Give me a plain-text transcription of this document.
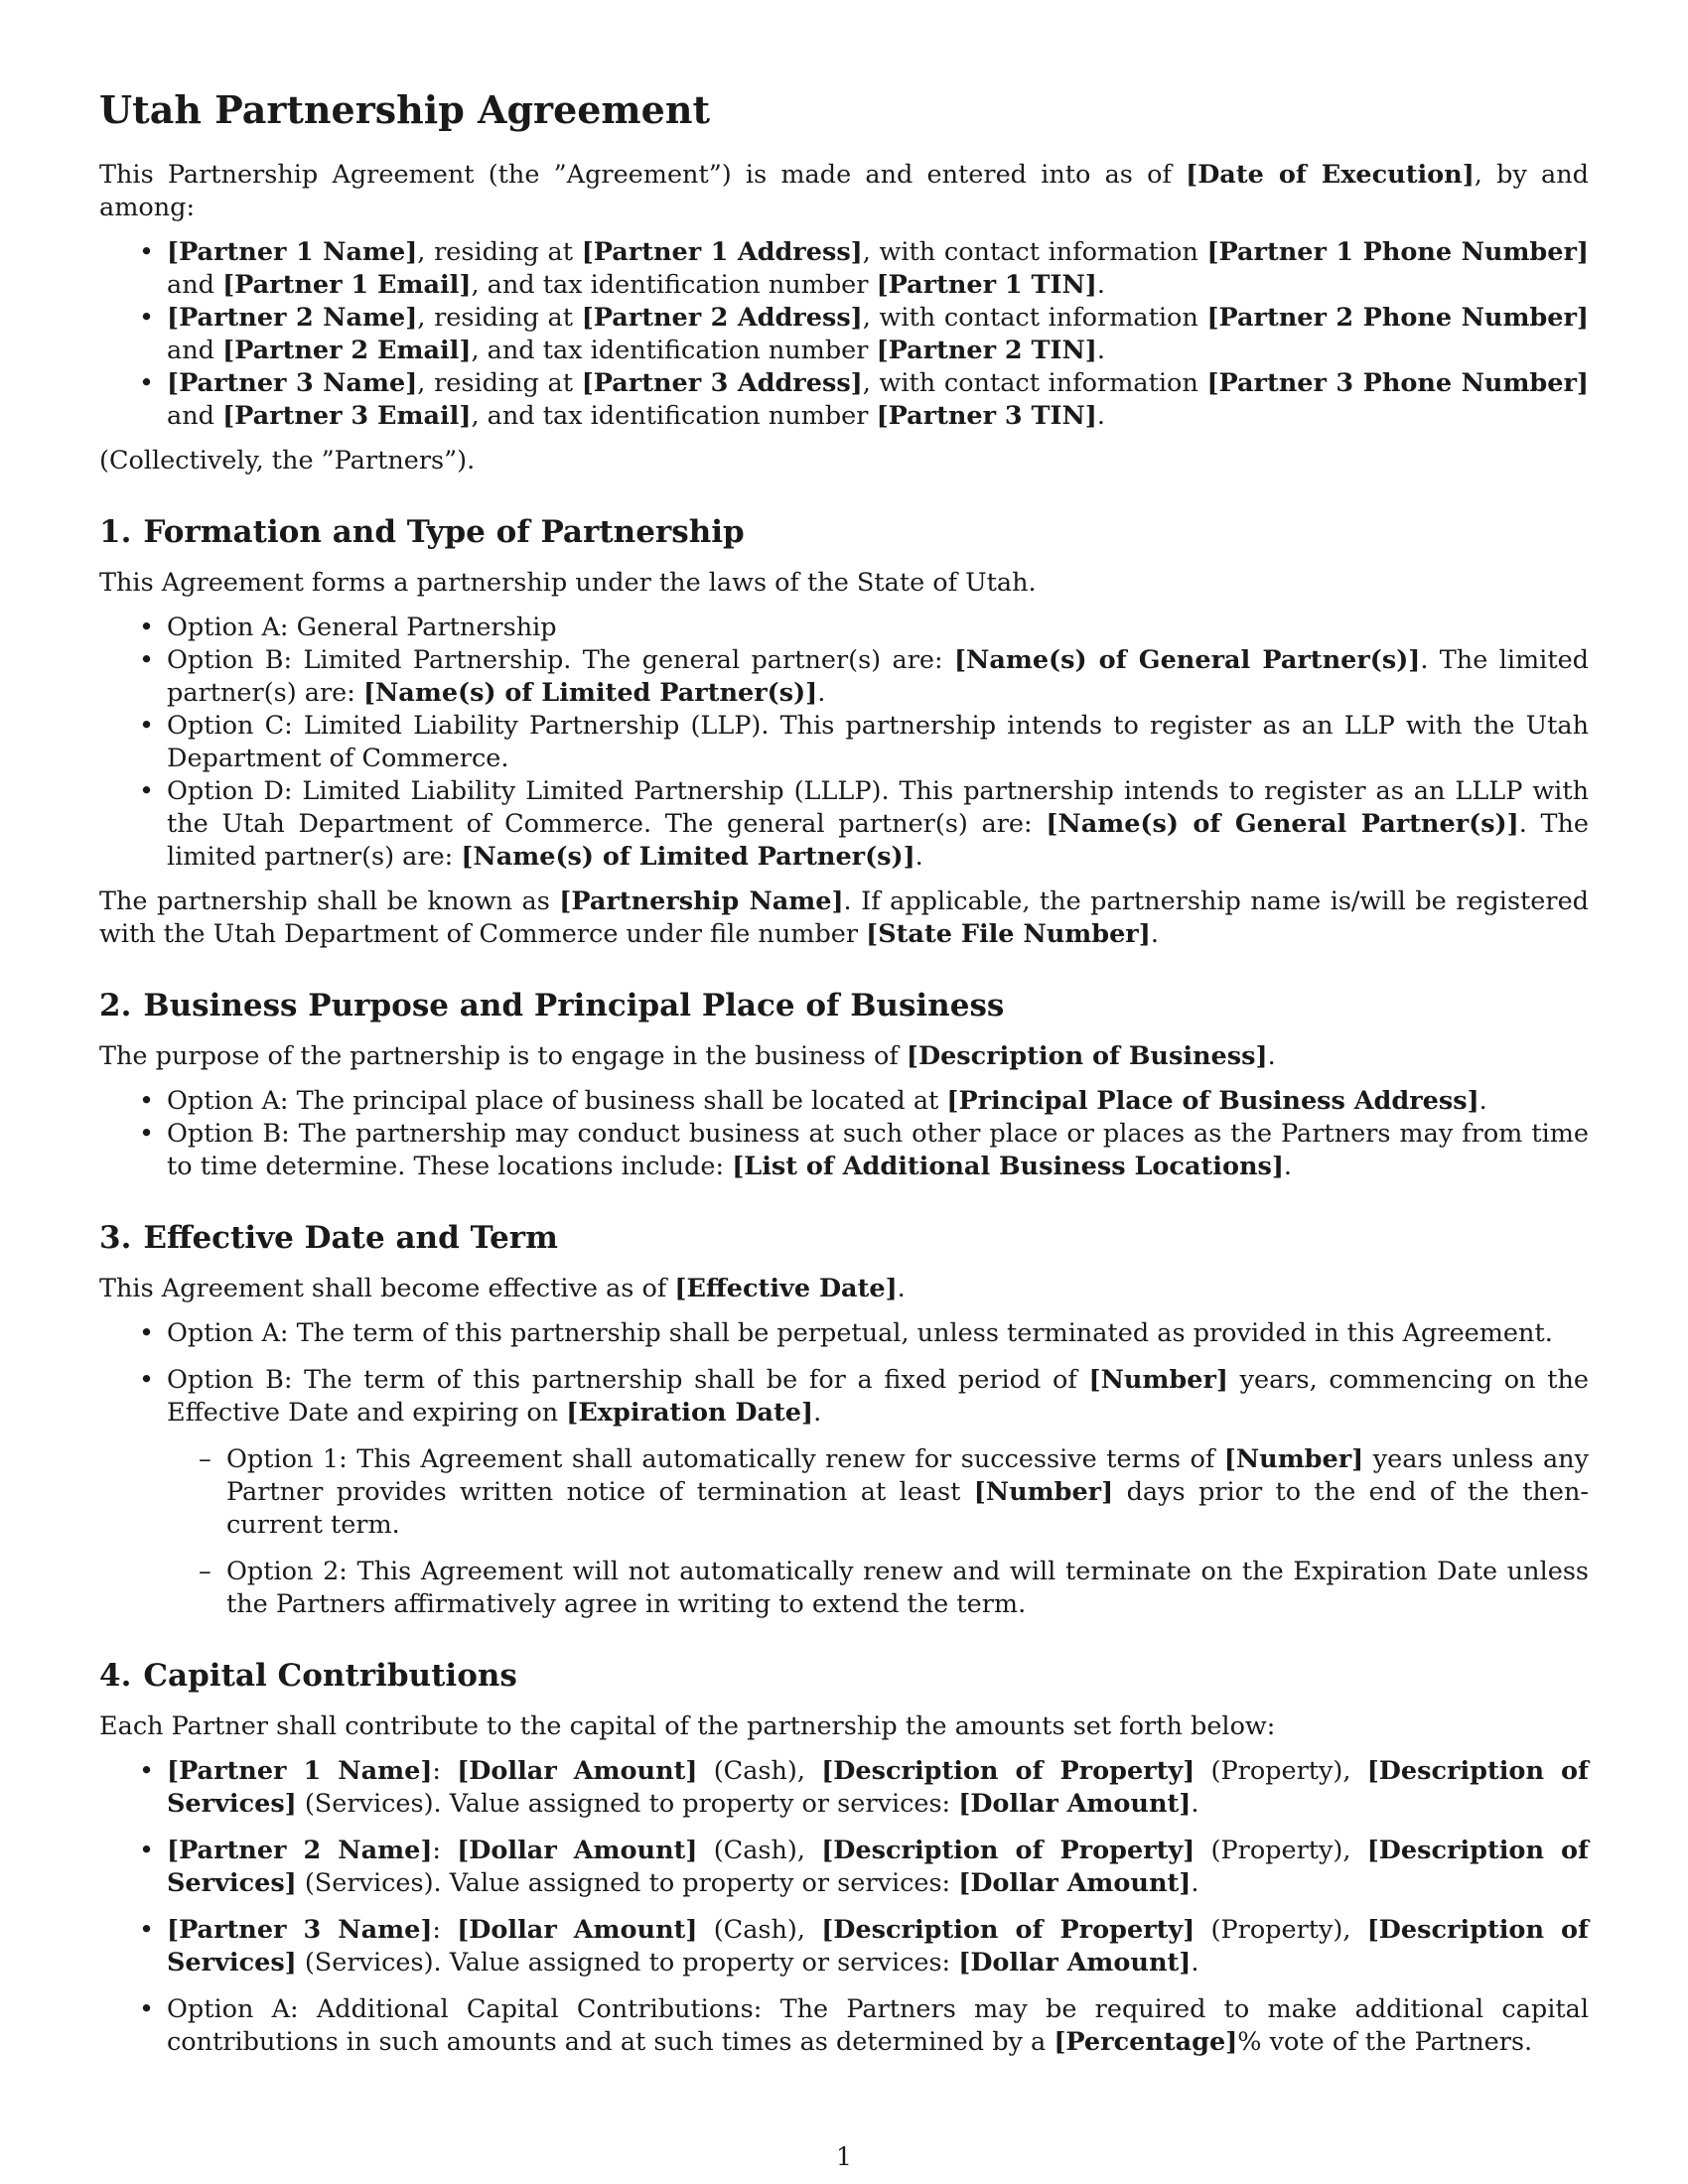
Utah Partnership Agreement

This Partnership Agreement (the ”Agreement”) is made and entered into as of [Date of Execution], by and among:

• [Partner 1 Name], residing at [Partner 1 Address], with contact information [Partner 1 Phone Number] and [Partner 1 Email], and tax identification number [Partner 1 TIN].
• [Partner 2 Name], residing at [Partner 2 Address], with contact information [Partner 2 Phone Number] and [Partner 2 Email], and tax identification number [Partner 2 TIN].
• [Partner 3 Name], residing at [Partner 3 Address], with contact information [Partner 3 Phone Number] and [Partner 3 Email], and tax identification number [Partner 3 TIN].

(Collectively, the ”Partners”).

1. Formation and Type of Partnership

This Agreement forms a partnership under the laws of the State of Utah.

• Option A: General Partnership
• Option B: Limited Partnership. The general partner(s) are: [Name(s) of General Partner(s)]. The limited partner(s) are: [Name(s) of Limited Partner(s)].
• Option C: Limited Liability Partnership (LLP). This partnership intends to register as an LLP with the Utah Department of Commerce.
• Option D: Limited Liability Limited Partnership (LLLP). This partnership intends to register as an LLLP with the Utah Department of Commerce. The general partner(s) are: [Name(s) of General Partner(s)]. The limited partner(s) are: [Name(s) of Limited Partner(s)].

The partnership shall be known as [Partnership Name]. If applicable, the partnership name is/will be registered with the Utah Department of Commerce under file number [State File Number].

2. Business Purpose and Principal Place of Business

The purpose of the partnership is to engage in the business of [Description of Business].

• Option A: The principal place of business shall be located at [Principal Place of Business Address].
• Option B: The partnership may conduct business at such other place or places as the Partners may from time to time determine. These locations include: [List of Additional Business Locations].
3. Effective Date and Term

This Agreement shall become effective as of [Effective Date].

• Option A: The term of this partnership shall be perpetual, unless terminated as provided in this Agreement.
• Option B: The term of this partnership shall be for a fixed period of [Number] years, commencing on the Effective Date and expiring on [Expiration Date].
– Option 1: This Agreement shall automatically renew for successive terms of [Number] years unless any Partner provides written notice of termination at least [Number] days prior to the end of the then-current term.
– Option 2: This Agreement will not automatically renew and will terminate on the Expiration Date unless the Partners affirmatively agree in writing to extend the term.
4. Capital Contributions

Each Partner shall contribute to the capital of the partnership the amounts set forth below:

• [Partner 1 Name]: [Dollar Amount] (Cash), [Description of Property] (Property), [Description of Services] (Services). Value assigned to property or services: [Dollar Amount].
• [Partner 2 Name]: [Dollar Amount] (Cash), [Description of Property] (Property), [Description of Services] (Services). Value assigned to property or services: [Dollar Amount].
• [Partner 3 Name]: [Dollar Amount] (Cash), [Description of Property] (Property), [Description of Services] (Services). Value assigned to property or services: [Dollar Amount].
• Option A: Additional Capital Contributions: The Partners may be required to make additional capital contributions in such amounts and at such times as determined by a [Percentage]% vote of the Partners.
1
